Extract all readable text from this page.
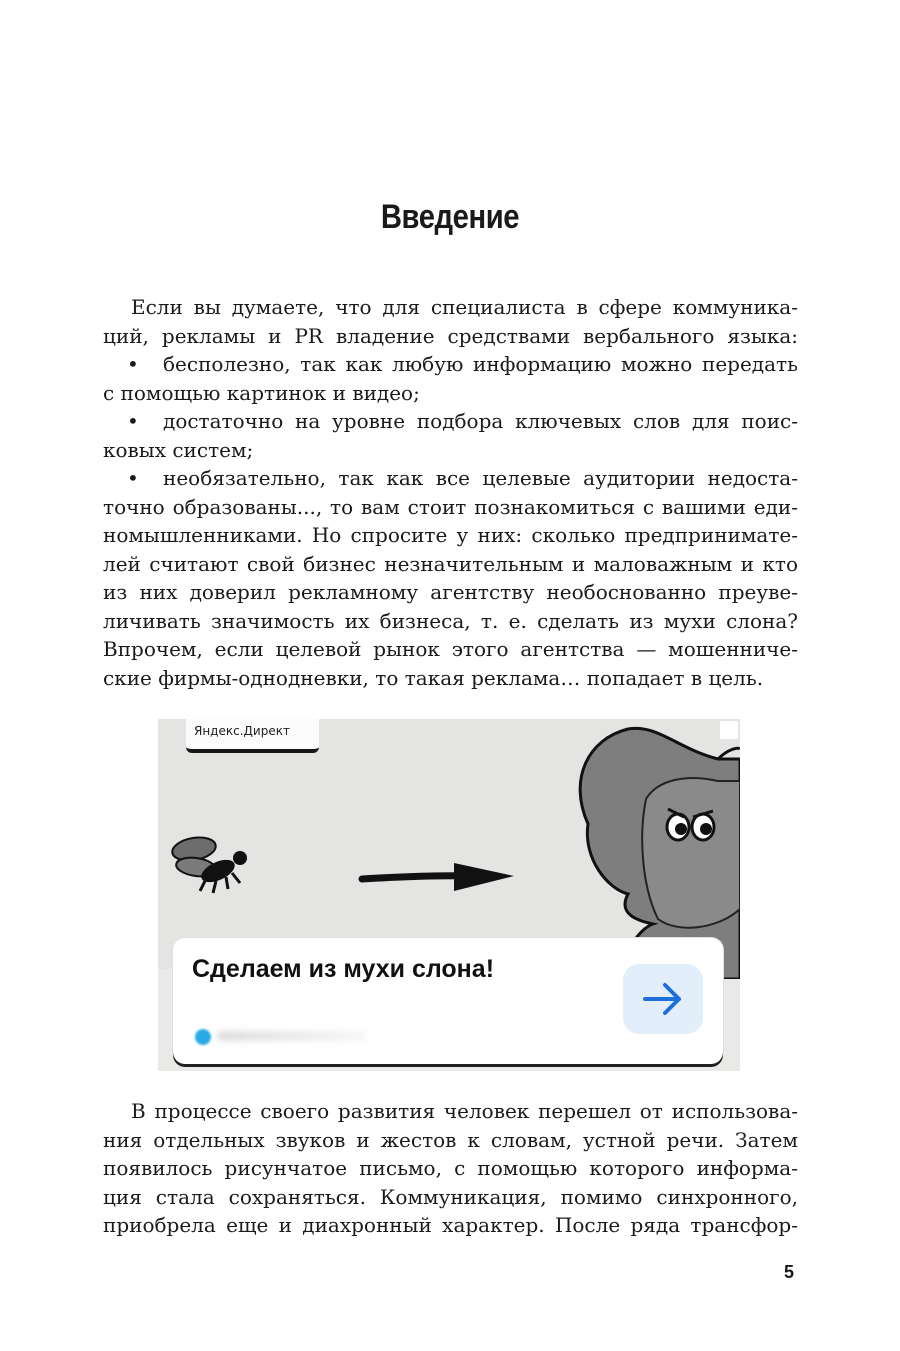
Введение
Если вы думаете, что для специалиста в сфере коммуника-
ций, рекламы и PR владение средствами вербального языка:
• бесполезно, так как любую информацию можно передать
с помощью картинок и видео;
• достаточно на уровне подбора ключевых слов для поис-
ковых систем;
• необязательно, так как все целевые аудитории недоста-
точно образованы..., то вам стоит познакомиться с вашими еди-
номышленниками. Но спросите у них: сколько предпринимате-
лей считают свой бизнес незначительным и маловажным и кто
из них доверил рекламному агентству необоснованно преуве-
личивать значимость их бизнеса, т. е. сделать из мухи слона?
Впрочем, если целевой рынок этого агентства — мошенниче-
ские фирмы-однодневки, то такая реклама… попадает в цель.
Яндекс.Директ
Сделаем из мухи слона!
В процессе своего развития человек перешел от использова-
ния отдельных звуков и жестов к словам, устной речи. Затем
появилось рисунчатое письмо, с помощью которого информа-
ция стала сохраняться. Коммуникация, помимо синхронного,
приобрела еще и диахронный характер. После ряда трансфор-
5
